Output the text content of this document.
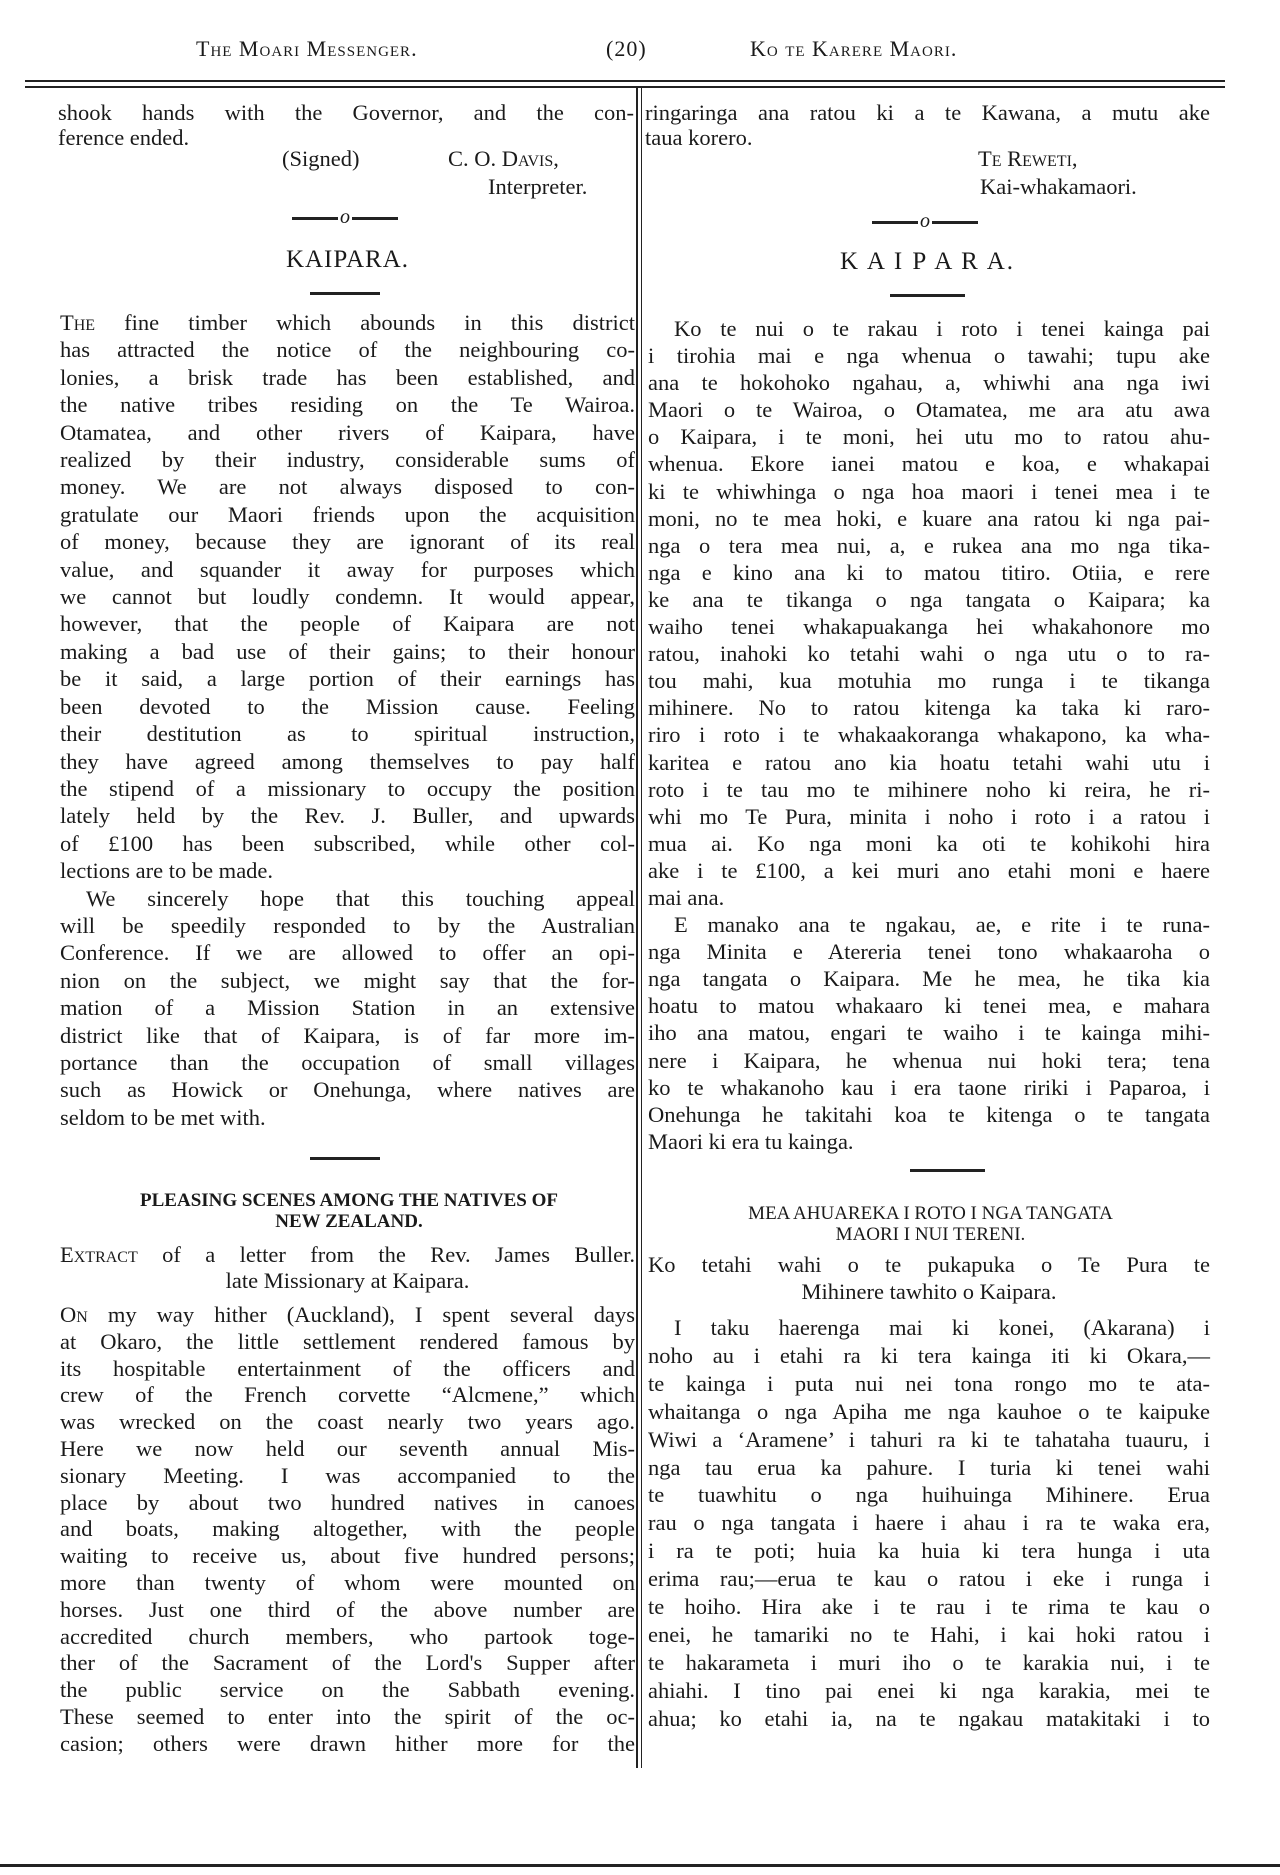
The Moari Messenger.	(20)	Ko te Karere Maori.
shook hands with the Governor, and the con-
ference ended.
(Signed)	C. O. Davis,
Interpreter.
o
KAIPARA.
The fine timber which abounds in this district
has attracted the notice of the neighbouring co-
lonies, a brisk trade has been established, and
the native tribes residing on the Te Wairoa.
Otamatea, and other rivers of Kaipara, have
realized by their industry, considerable sums of
money. We are not always disposed to con-
gratulate our Maori friends upon the acquisition
of money, because they are ignorant of its real
value, and squander it away for purposes which
we cannot but loudly condemn. It would appear,
however, that the people of Kaipara are not
making a bad use of their gains; to their honour
be it said, a large portion of their earnings has
been devoted to the Mission cause. Feeling
their destitution as to spiritual instruction,
they have agreed among themselves to pay half
the stipend of a missionary to occupy the position
lately held by the Rev. J. Buller, and upwards
of £100 has been subscribed, while other col-
lections are to be made.
We sincerely hope that this touching appeal
will be speedily responded to by the Australian
Conference. If we are allowed to offer an opi-
nion on the subject, we might say that the for-
mation of a Mission Station in an extensive
district like that of Kaipara, is of far more im-
portance than the occupation of small villages
such as Howick or Onehunga, where natives are
seldom to be met with.
PLEASING SCENES AMONG THE NATIVES OF
NEW ZEALAND.
Extract of a letter from the Rev. James Buller.
late Missionary at Kaipara.
On my way hither (Auckland), I spent several days
at Okaro, the little settlement rendered famous by
its hospitable entertainment of the officers and
crew of the French corvette “Alcmene,” which
was wrecked on the coast nearly two years ago.
Here we now held our seventh annual Mis-
sionary Meeting. I was accompanied to the
place by about two hundred natives in canoes
and boats, making altogether, with the people
waiting to receive us, about five hundred persons;
more than twenty of whom were mounted on
horses. Just one third of the above number are
accredited church members, who partook toge-
ther of the Sacrament of the Lord's Supper after
the public service on the Sabbath evening.
These seemed to enter into the spirit of the oc-
casion; others were drawn hither more for the
ringaringa ana ratou ki a te Kawana, a mutu ake
taua korero.
Te Reweti,
Kai-whakamaori.
o
K A I P A R A.
Ko te nui o te rakau i roto i tenei kainga pai
i tirohia mai e nga whenua o tawahi; tupu ake
ana te hokohoko ngahau, a, whiwhi ana nga iwi
Maori o te Wairoa, o Otamatea, me ara atu awa
o Kaipara, i te moni, hei utu mo to ratou ahu-
whenua. Ekore ianei matou e koa, e whakapai
ki te whiwhinga o nga hoa maori i tenei mea i te
moni, no te mea hoki, e kuare ana ratou ki nga pai-
nga o tera mea nui, a, e rukea ana mo nga tika-
nga e kino ana ki to matou titiro. Otiia, e rere
ke ana te tikanga o nga tangata o Kaipara; ka
waiho tenei whakapuakanga hei whakahonore mo
ratou, inahoki ko tetahi wahi o nga utu o to ra-
tou mahi, kua motuhia mo runga i te tikanga
mihinere. No to ratou kitenga ka taka ki raro-
riro i roto i te whakaakoranga whakapono, ka wha-
karitea e ratou ano kia hoatu tetahi wahi utu i
roto i te tau mo te mihinere noho ki reira, he ri-
whi mo Te Pura, minita i noho i roto i a ratou i
mua ai. Ko nga moni ka oti te kohikohi hira
ake i te £100, a kei muri ano etahi moni e haere
mai ana.
E manako ana te ngakau, ae, e rite i te runa-
nga Minita e Atereria tenei tono whakaaroha o
nga tangata o Kaipara. Me he mea, he tika kia
hoatu to matou whakaaro ki tenei mea, e mahara
iho ana matou, engari te waiho i te kainga mihi-
nere i Kaipara, he whenua nui hoki tera; tena
ko te whakanoho kau i era taone ririki i Paparoa, i
Onehunga he takitahi koa te kitenga o te tangata
Maori ki era tu kainga.
MEA AHUAREKA I ROTO I NGA TANGATA
MAORI I NUI TERENI.
Ko tetahi wahi o te pukapuka o Te Pura te
Mihinere tawhito o Kaipara.
I taku haerenga mai ki konei, (Akarana) i
noho au i etahi ra ki tera kainga iti ki Okara,—
te kainga i puta nui nei tona rongo mo te ata-
whaitanga o nga Apiha me nga kauhoe o te kaipuke
Wiwi a ‘Aramene’ i tahuri ra ki te tahataha tuauru, i
nga tau erua ka pahure. I turia ki tenei wahi
te tuawhitu o nga huihuinga Mihinere. Erua
rau o nga tangata i haere i ahau i ra te waka era,
i ra te poti; huia ka huia ki tera hunga i uta
erima rau;—erua te kau o ratou i eke i runga i
te hoiho. Hira ake i te rau i te rima te kau o
enei, he tamariki no te Hahi, i kai hoki ratou i
te hakarameta i muri iho o te karakia nui, i te
ahiahi. I tino pai enei ki nga karakia, mei te
ahua; ko etahi ia, na te ngakau matakitaki i to
